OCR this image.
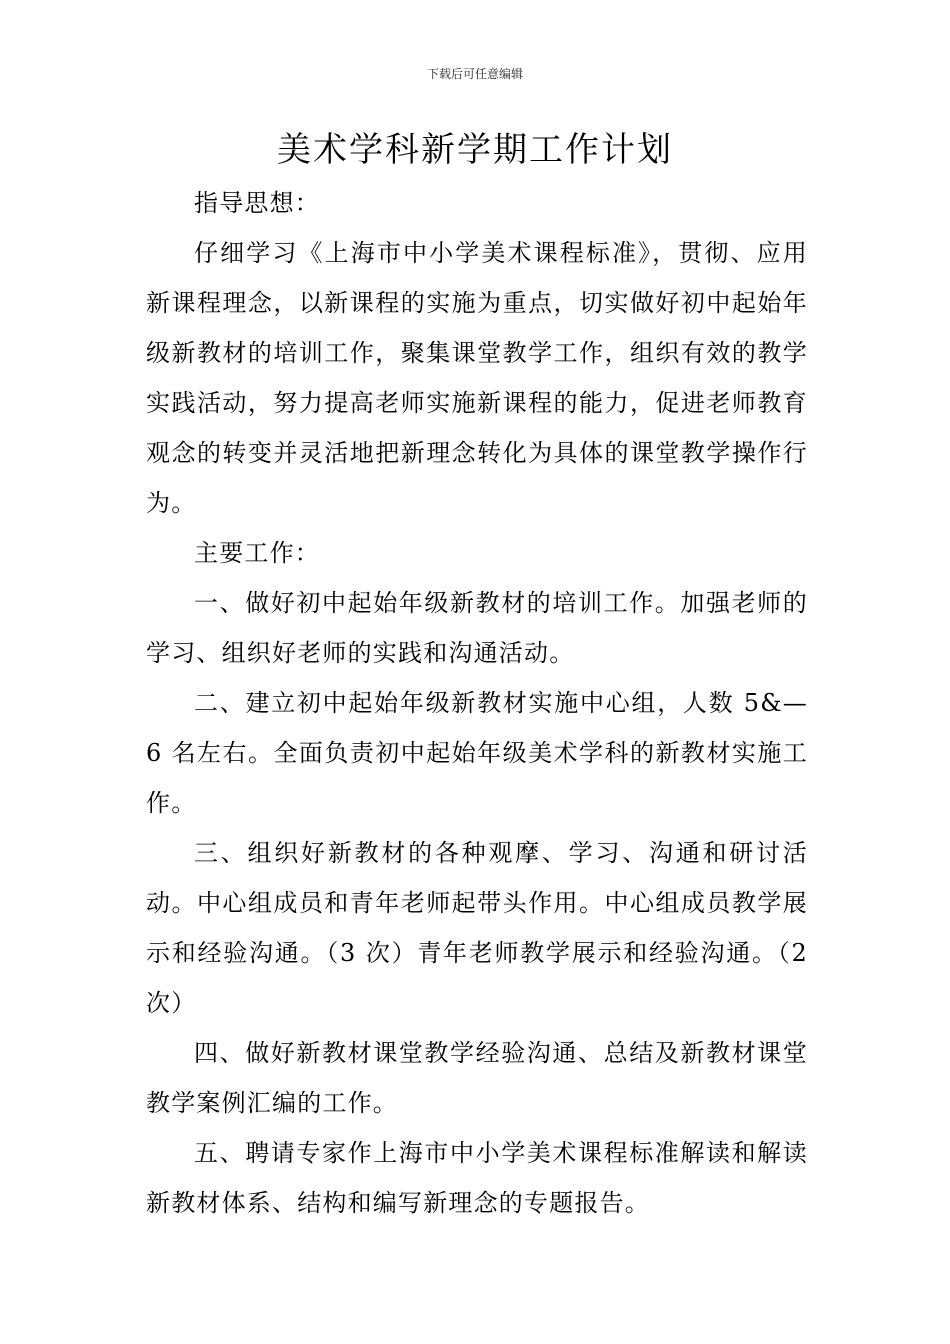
下载后可任意编辑
美术学科新学期工作计划

指导思想：

仔细学习《上海市中小学美术课程标准》，贯彻、应用新课程理念，以新课程的实施为重点，切实做好初中起始年级新教材的培训工作，聚集课堂教学工作，组织有效的教学实践活动，努力提高老师实施新课程的能力，促进老师教育观念的转变并灵活地把新理念转化为具体的课堂教学操作行为。

主要工作：

一、做好初中起始年级新教材的培训工作。加强老师的学习、组织好老师的实践和沟通活动。

二、建立初中起始年级新教材实施中心组，人数 5&—6 名左右。全面负责初中起始年级美术学科的新教材实施工作。

三、组织好新教材的各种观摩、学习、沟通和研讨活动。中心组成员和青年老师起带头作用。中心组成员教学展示和经验沟通。（3 次）青年老师教学展示和经验沟通。（2 次）

四、做好新教材课堂教学经验沟通、总结及新教材课堂教学案例汇编的工作。

五、聘请专家作上海市中小学美术课程标准解读和解读新教材体系、结构和编写新理念的专题报告。
